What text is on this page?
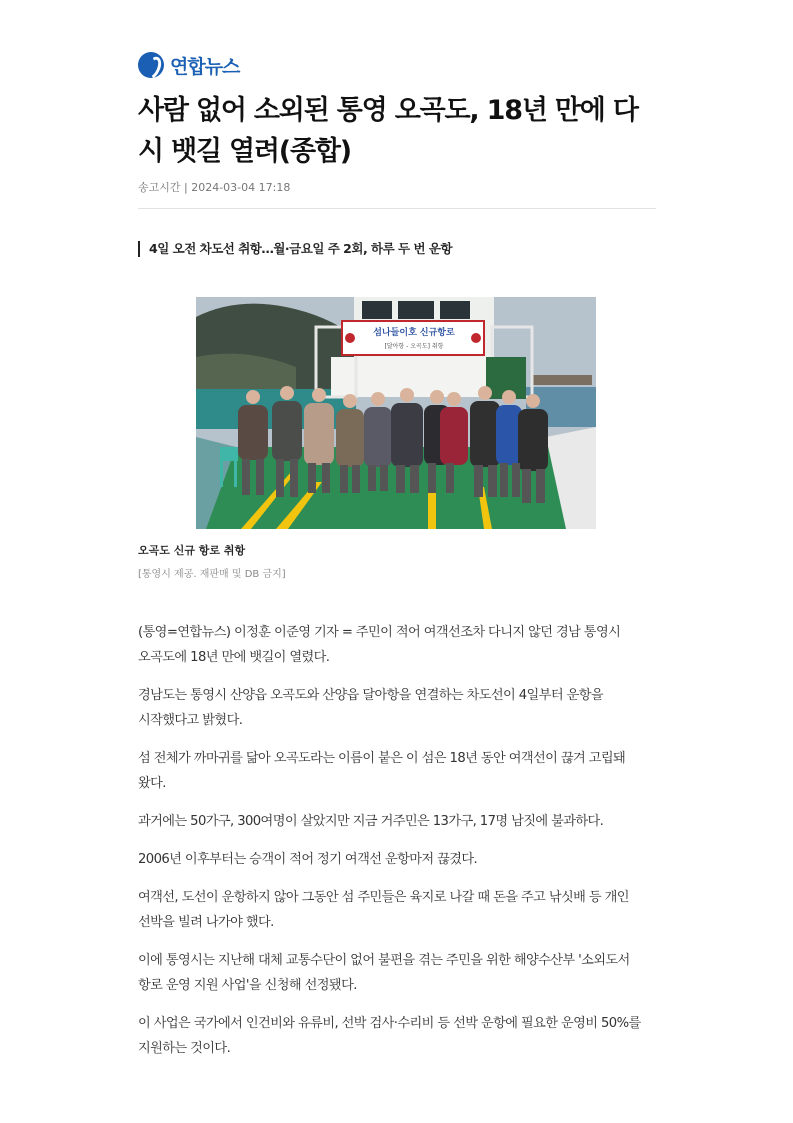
연합뉴스
사람 없어 소외된 통영 오곡도, 18년 만에 다시 뱃길 열려(종합)
송고시간 | 2024-03-04 17:18
4일 오전 차도선 취항…월·금요일 주 2회, 하루 두 번 운항
섬나들이호 신규항로
[달아항 - 오곡도] 취항
오곡도 신규 항로 취항
[통영시 제공. 재판매 및 DB 금지]

(통영=연합뉴스) 이정훈 이준영 기자 = 주민이 적어 여객선조차 다니지 않던 경남 통영시 오곡도에 18년 만에 뱃길이 열렸다.

경남도는 통영시 산양읍 오곡도와 산양읍 달아항을 연결하는 차도선이 4일부터 운항을 시작했다고 밝혔다.

섬 전체가 까마귀를 닮아 오곡도라는 이름이 붙은 이 섬은 18년 동안 여객선이 끊겨 고립돼 왔다.

과거에는 50가구, 300여명이 살았지만 지금 거주민은 13가구, 17명 남짓에 불과하다.

2006년 이후부터는 승객이 적어 정기 여객선 운항마저 끊겼다.

여객선, 도선이 운항하지 않아 그동안 섬 주민들은 육지로 나갈 때 돈을 주고 낚싯배 등 개인 선박을 빌려 나가야 했다.

이에 통영시는 지난해 대체 교통수단이 없어 불편을 겪는 주민을 위한 해양수산부 '소외도서 항로 운영 지원 사업'을 신청해 선정됐다.

이 사업은 국가에서 인건비와 유류비, 선박 검사·수리비 등 선박 운항에 필요한 운영비 50%를 지원하는 것이다.
